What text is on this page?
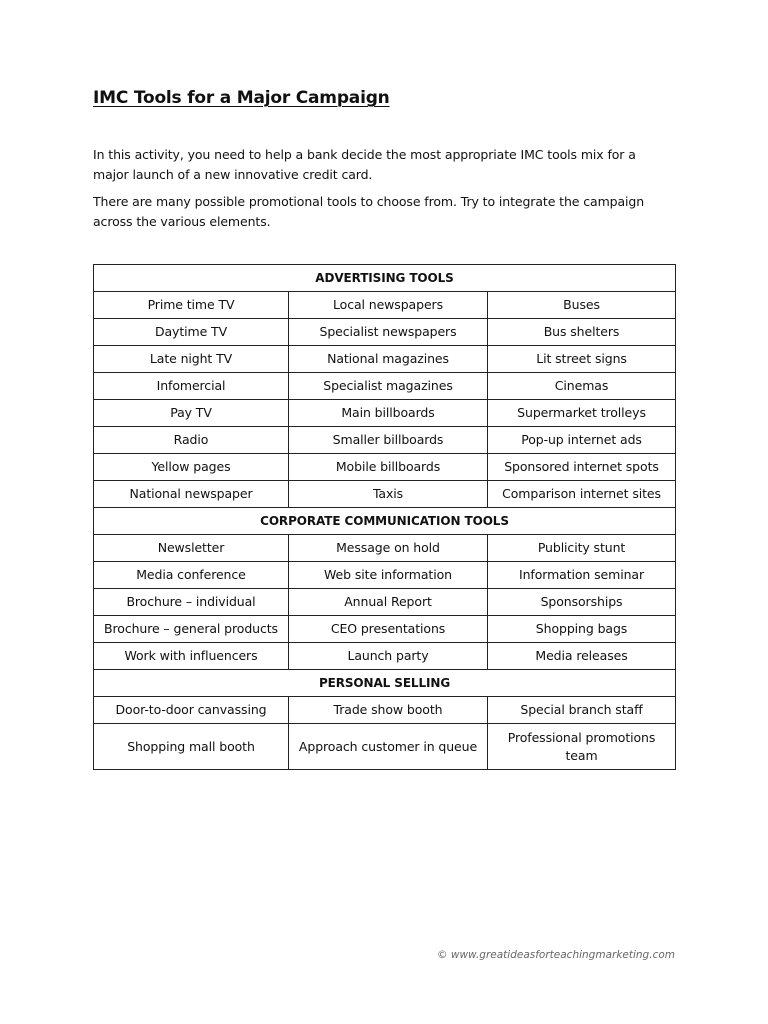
IMC Tools for a Major Campaign

In this activity, you need to help a bank decide the most appropriate IMC tools mix for a major launch of a new innovative credit card.

There are many possible promotional tools to choose from. Try to integrate the campaign across the various elements.

ADVERTISING TOOLS		
Prime time TV	Local newspapers	Buses
Daytime TV	Specialist newspapers	Bus shelters
Late night TV	National magazines	Lit street signs
Infomercial	Specialist magazines	Cinemas
Pay TV	Main billboards	Supermarket trolleys
Radio	Smaller billboards	Pop-up internet ads
Yellow pages	Mobile billboards	Sponsored internet spots
National newspaper	Taxis	Comparison internet sites
CORPORATE COMMUNICATION TOOLS		
Newsletter	Message on hold	Publicity stunt
Media conference	Web site information	Information seminar
Brochure – individual	Annual Report	Sponsorships
Brochure – general products	CEO presentations	Shopping bags
Work with influencers	Launch party	Media releases
PERSONAL SELLING		
Door-to-door canvassing	Trade show booth	Special branch staff
Shopping mall booth	Approach customer in queue	Professional promotions team
© www.greatideasforteachingmarketing.com
